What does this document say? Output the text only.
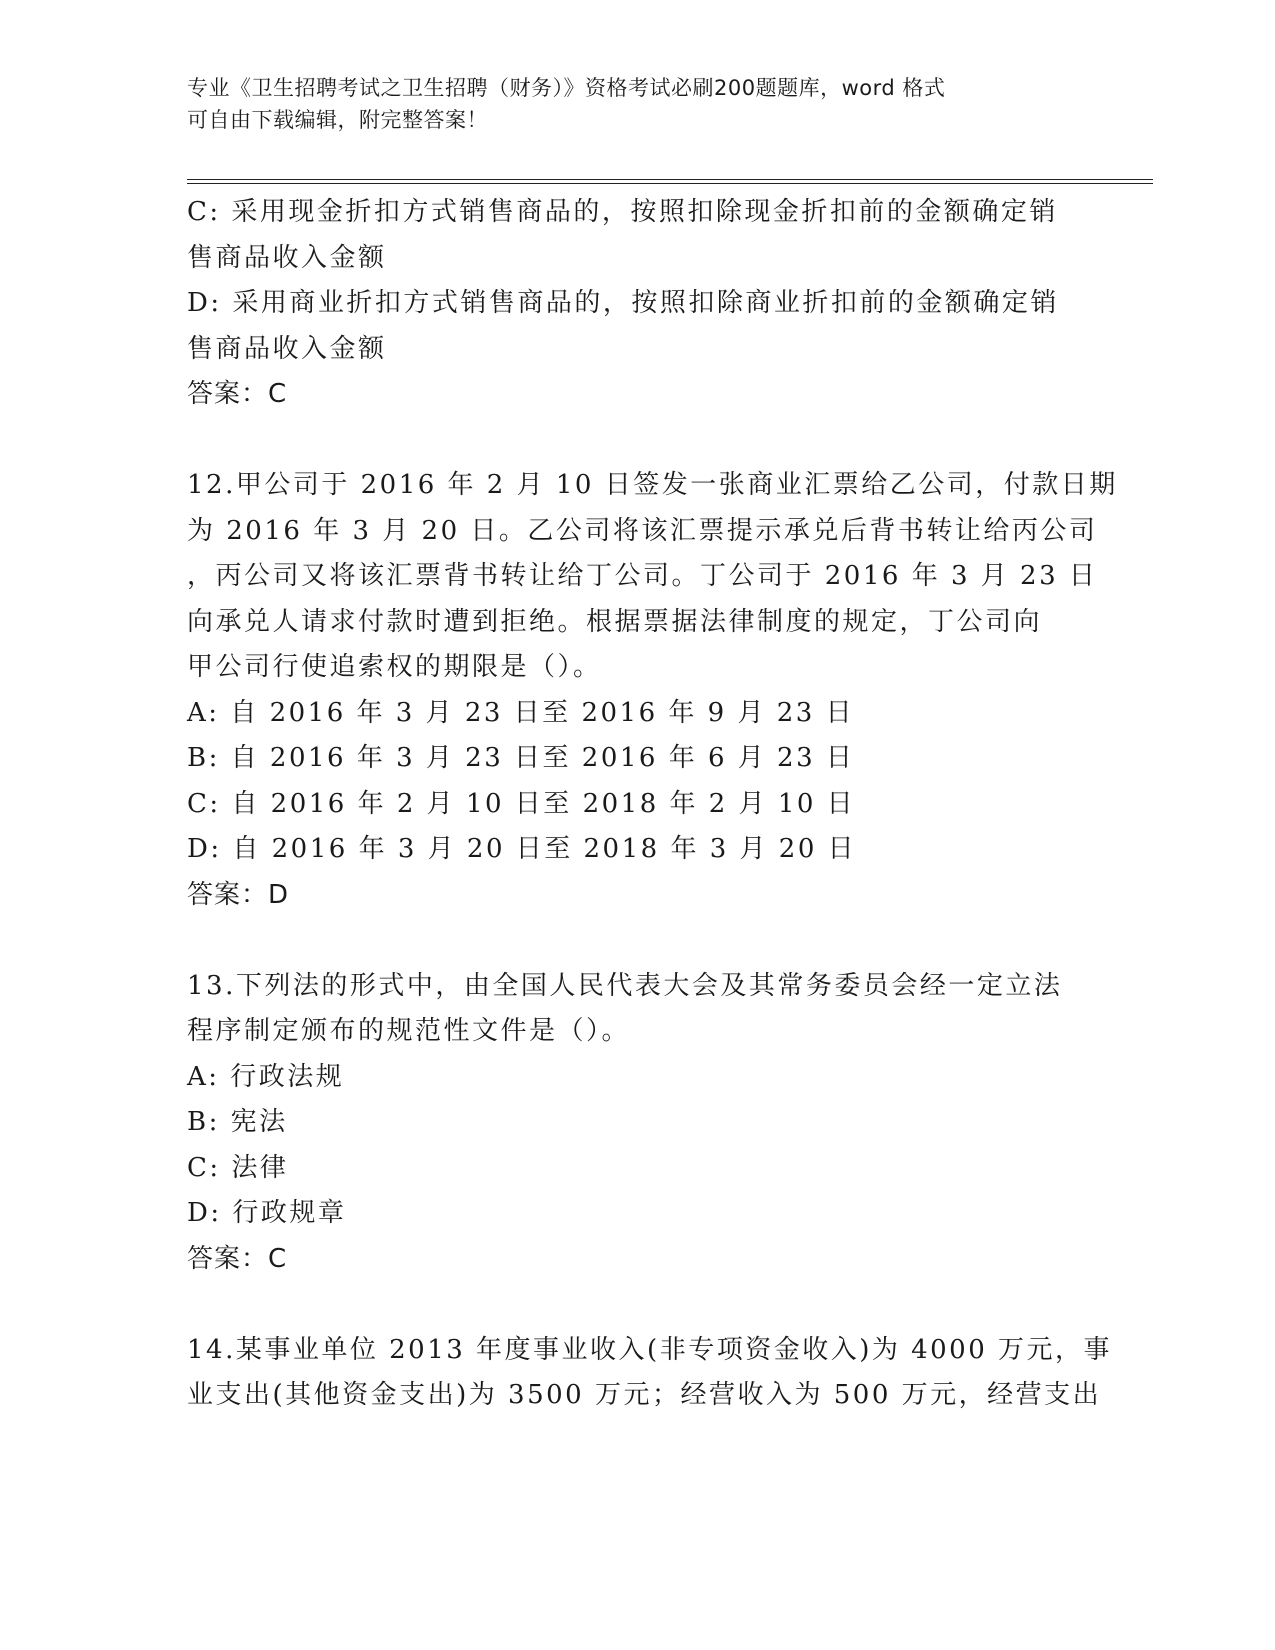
专业《卫生招聘考试之卫生招聘（财务）》资格考试必刷200题题库，word 格式
可自由下载编辑，附完整答案！
C: 采用现金折扣方式销售商品的，按照扣除现金折扣前的金额确定销
售商品收入金额
D: 采用商业折扣方式销售商品的，按照扣除商业折扣前的金额确定销
售商品收入金额
答案：C
12.甲公司于 2016 年 2 月 10 日签发一张商业汇票给乙公司，付款日期
为 2016 年 3 月 20 日。乙公司将该汇票提示承兑后背书转让给丙公司
，丙公司又将该汇票背书转让给丁公司。丁公司于 2016 年 3 月 23 日
向承兑人请求付款时遭到拒绝。根据票据法律制度的规定，丁公司向
甲公司行使追索权的期限是（）。
A: 自 2016 年 3 月 23 日至 2016 年 9 月 23 日
B: 自 2016 年 3 月 23 日至 2016 年 6 月 23 日
C: 自 2016 年 2 月 10 日至 2018 年 2 月 10 日
D: 自 2016 年 3 月 20 日至 2018 年 3 月 20 日
答案：D
13.下列法的形式中，由全国人民代表大会及其常务委员会经一定立法
程序制定颁布的规范性文件是（）。
A: 行政法规
B: 宪法
C: 法律
D: 行政规章
答案：C
14.某事业单位 2013 年度事业收入(非专项资金收入)为 4000 万元，事
业支出(其他资金支出)为 3500 万元；经营收入为 500 万元，经营支出
